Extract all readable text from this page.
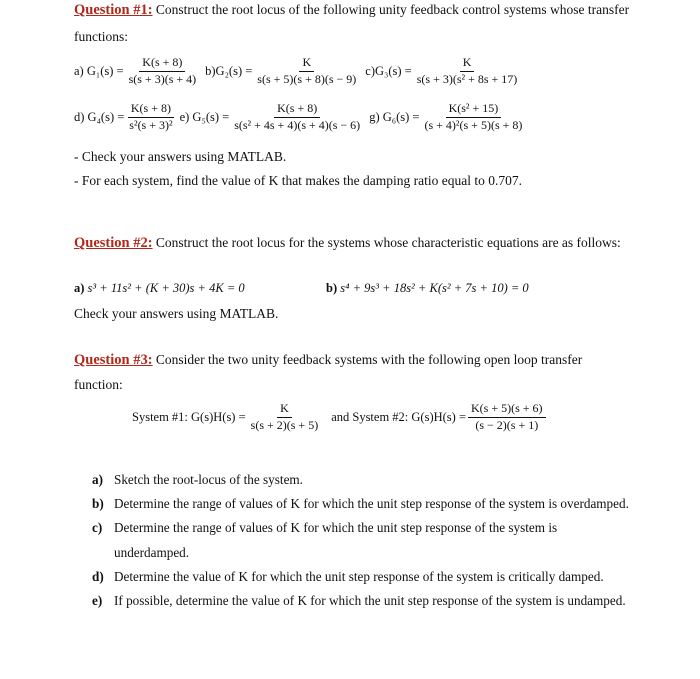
Question #1: Construct the root locus of the following unity feedback control systems whose transfer
functions:
a) $G_1(s) = \frac{K(s + 8)}{s(s + 3)(s + 4)} b)G_2(s) = \frac{K}{s(s + 5)(s + 8)(s - 9)} c)G_3(s) = \frac{K}{\text{s(s + 3)(s² + 8s + 17)}}$
d) $G_4(s) = \frac{K(s + 8)}{\text{s²(s + 3)²}} e$) $G_5(s) = \frac{K(s + 8)}{\text{s(s² + 4s + 4)(s + 4)(s − 6)}} g$) $G_6(s) = \frac{\text{K(s² + 15)}}{\text{(s + 4)²(s + 5)(s + 8)}}$
- Check your answers using MATLAB.
- For each system, find the value of K that makes the damping ratio equal to 0.707.
Question #2: Construct the root locus for the systems whose characteristic equations are as follows:
a) s³ + 11s² + (K + 30)s + 4K = 0	b) s⁴ + 9s³ + 18s² + K(s² + 7s + 10) = 0
Check your answers using MATLAB.
Question #3: Consider the two unity feedback systems with the following open loop transfer
function:
System #1: $G(s)H(s) = \frac{K}{s(s + 2)(s + 5)}$ and System #2: $G(s)H(s) = \frac{K(s + 5)(s + 6)}{(s - 2)(s + 1)}$
a) Sketch the root-locus of the system.
b) Determine the range of values of K for which the unit step response of the system is overdamped.
c) Determine the range of values of K for which the unit step response of the system is
underdamped.
d) Determine the value of K for which the unit step response of the system is critically damped.
e) If possible, determine the value of K for which the unit step response of the system is undamped.
